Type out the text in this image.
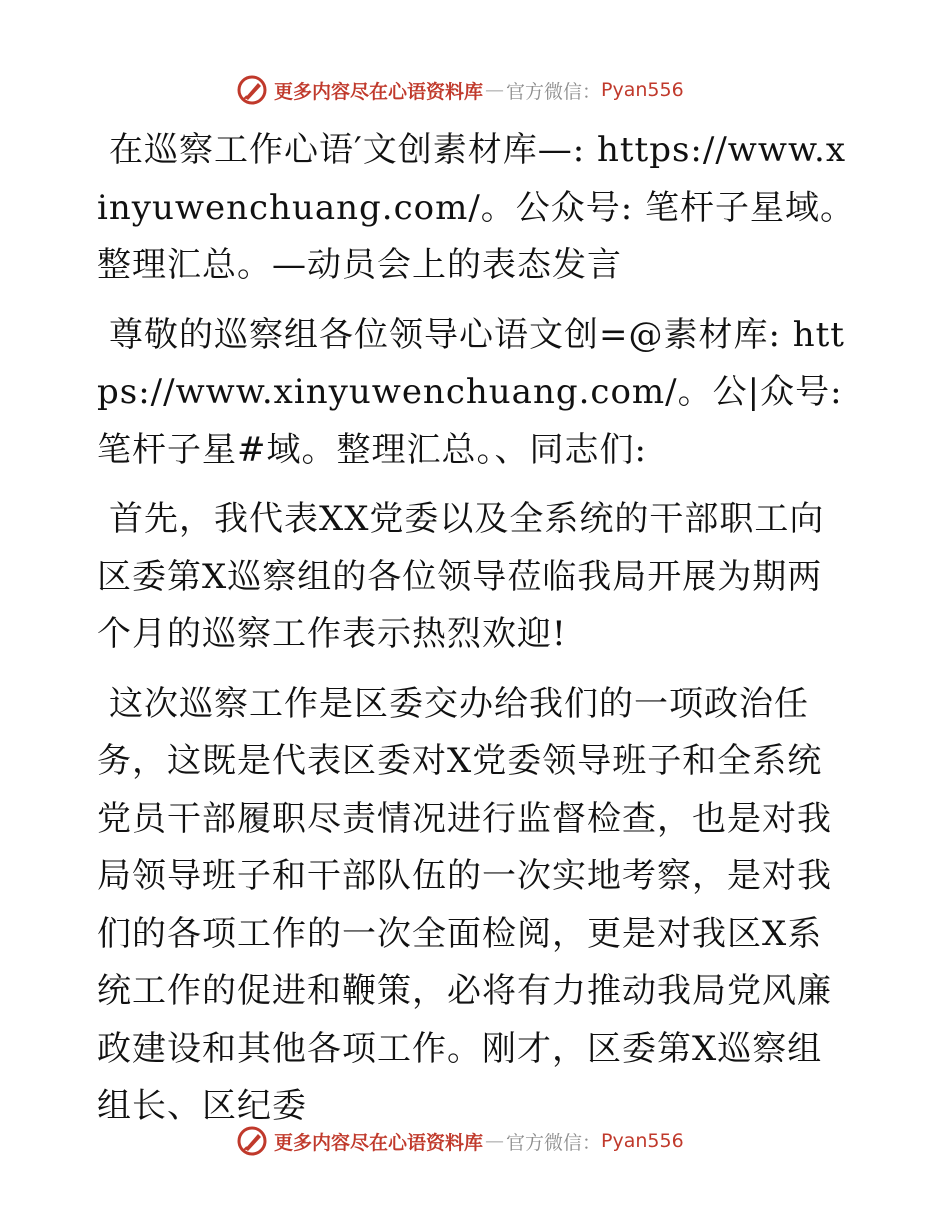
更多内容尽在心语资料库 — 官方微信： Pyan556

在巡察工作心语′文创素材库—: https://www.xinyuwenchuang.com/。公众号: 笔杆子星域。整理汇总。—动员会上的表态发言

尊敬的巡察组各位领导心语文创=@素材库: https://www.xinyuwenchuang.com/。公|众号: 笔杆子星#域。整理汇总。、同志们:

首先，我代表XX党委以及全系统的干部职工向区委第X巡察组的各位领导莅临我局开展为期两个月的巡察工作表示热烈欢迎!

这次巡察工作是区委交办给我们的一项政治任务，这既是代表区委对X党委领导班子和全系统党员干部履职尽责情况进行监督检查，也是对我局领导班子和干部队伍的一次实地考察，是对我们的各项工作的一次全面检阅，更是对我区X系统工作的促进和鞭策，必将有力推动我局党风廉政建设和其他各项工作。刚才，区委第X巡察组组长、区纪委

更多内容尽在心语资料库 — 官方微信： Pyan556
